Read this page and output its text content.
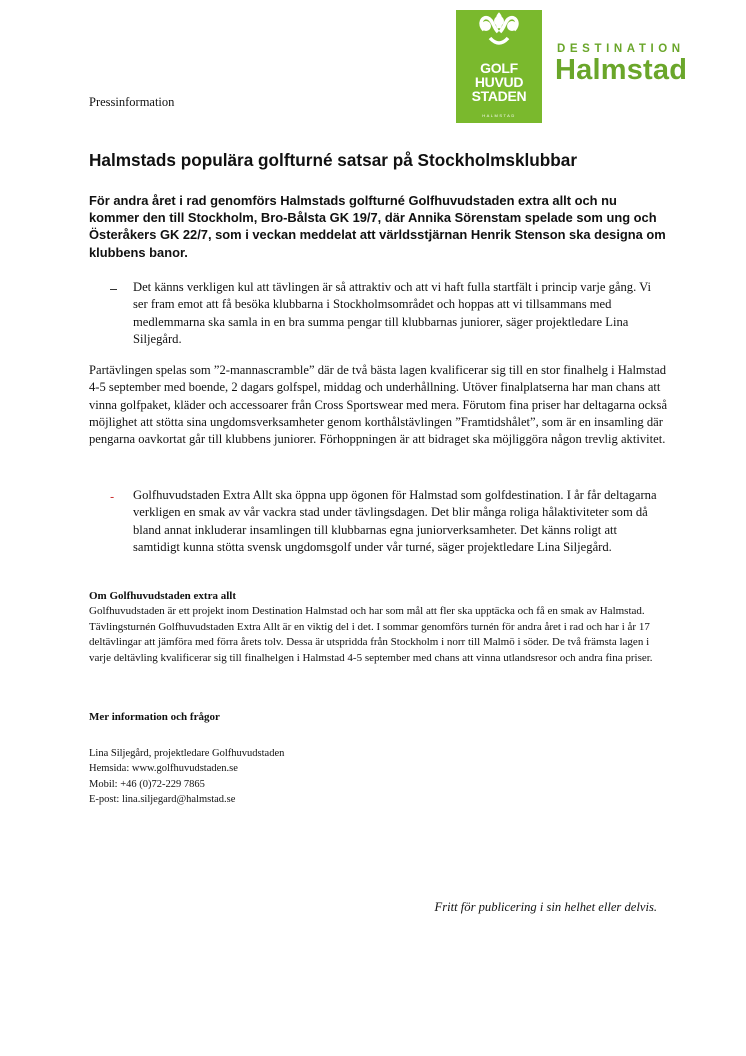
GOLF
HUVUD
STADEN
HALMSTAD
DESTINATION
Halmstad
Pressinformation
Halmstads populära golfturné satsar på Stockholmsklubbar

För andra året i rad genomförs Halmstads golfturné Golfhuvudstaden extra allt och nu kommer den till Stockholm, Bro-Bålsta GK 19/7, där Annika Sörenstam spelade som ung och Österåkers GK 22/7, som i veckan meddelat att världsstjärnan Henrik Stenson ska designa om klubbens banor.

– Det känns verkligen kul att tävlingen är så attraktiv och att vi haft fulla startfält i princip varje gång. Vi ser fram emot att få besöka klubbarna i Stockholmsområdet och hoppas att vi tillsammans med medlemmarna ska samla in en bra summa pengar till klubbarnas juniorer, säger projektledare Lina Siljegård.

Partävlingen spelas som ”2-mannascramble” där de två bästa lagen kvalificerar sig till en stor finalhelg i Halmstad 4-5 september med boende, 2 dagars golfspel, middag och underhållning. Utöver finalplatserna har man chans att vinna golfpaket, kläder och accessoarer från Cross Sportswear med mera. Förutom fina priser har deltagarna också möjlighet att stötta sina ungdomsverksamheter genom korthålstävlingen ”Framtidshålet”, som är en insamling där pengarna oavkortat går till klubbens juniorer. Förhoppningen är att bidraget ska möjliggöra någon trevlig aktivitet.

- Golfhuvudstaden Extra Allt ska öppna upp ögonen för Halmstad som golfdestination. I år får deltagarna verkligen en smak av vår vackra stad under tävlingsdagen. Det blir många roliga hålaktiviteter som då bland annat inkluderar insamlingen till klubbarnas egna juniorverksamheter. Det känns roligt att samtidigt kunna stötta svensk ungdomsgolf under vår turné, säger projektledare Lina Siljegård.

Om Golfhuvudstaden extra allt

Golfhuvudstaden är ett projekt inom Destination Halmstad och har som mål att fler ska upptäcka och få en smak av Halmstad. Tävlingsturnén Golfhuvudstaden Extra Allt är en viktig del i det. I sommar genomförs turnén för andra året i rad och har i år 17 deltävlingar att jämföra med förra årets tolv. Dessa är utspridda från Stockholm i norr till Malmö i söder. De två främsta lagen i varje deltävling kvalificerar sig till finalhelgen i Halmstad 4-5 september med chans att vinna utlandsresor och andra fina priser.

Mer information och frågor
Lina Siljegård, projektledare Golfhuvudstaden
Hemsida: www.golfhuvudstaden.se
Mobil: +46 (0)72-229 7865
E-post: lina.siljegard@halmstad.se
Fritt för publicering i sin helhet eller delvis.
